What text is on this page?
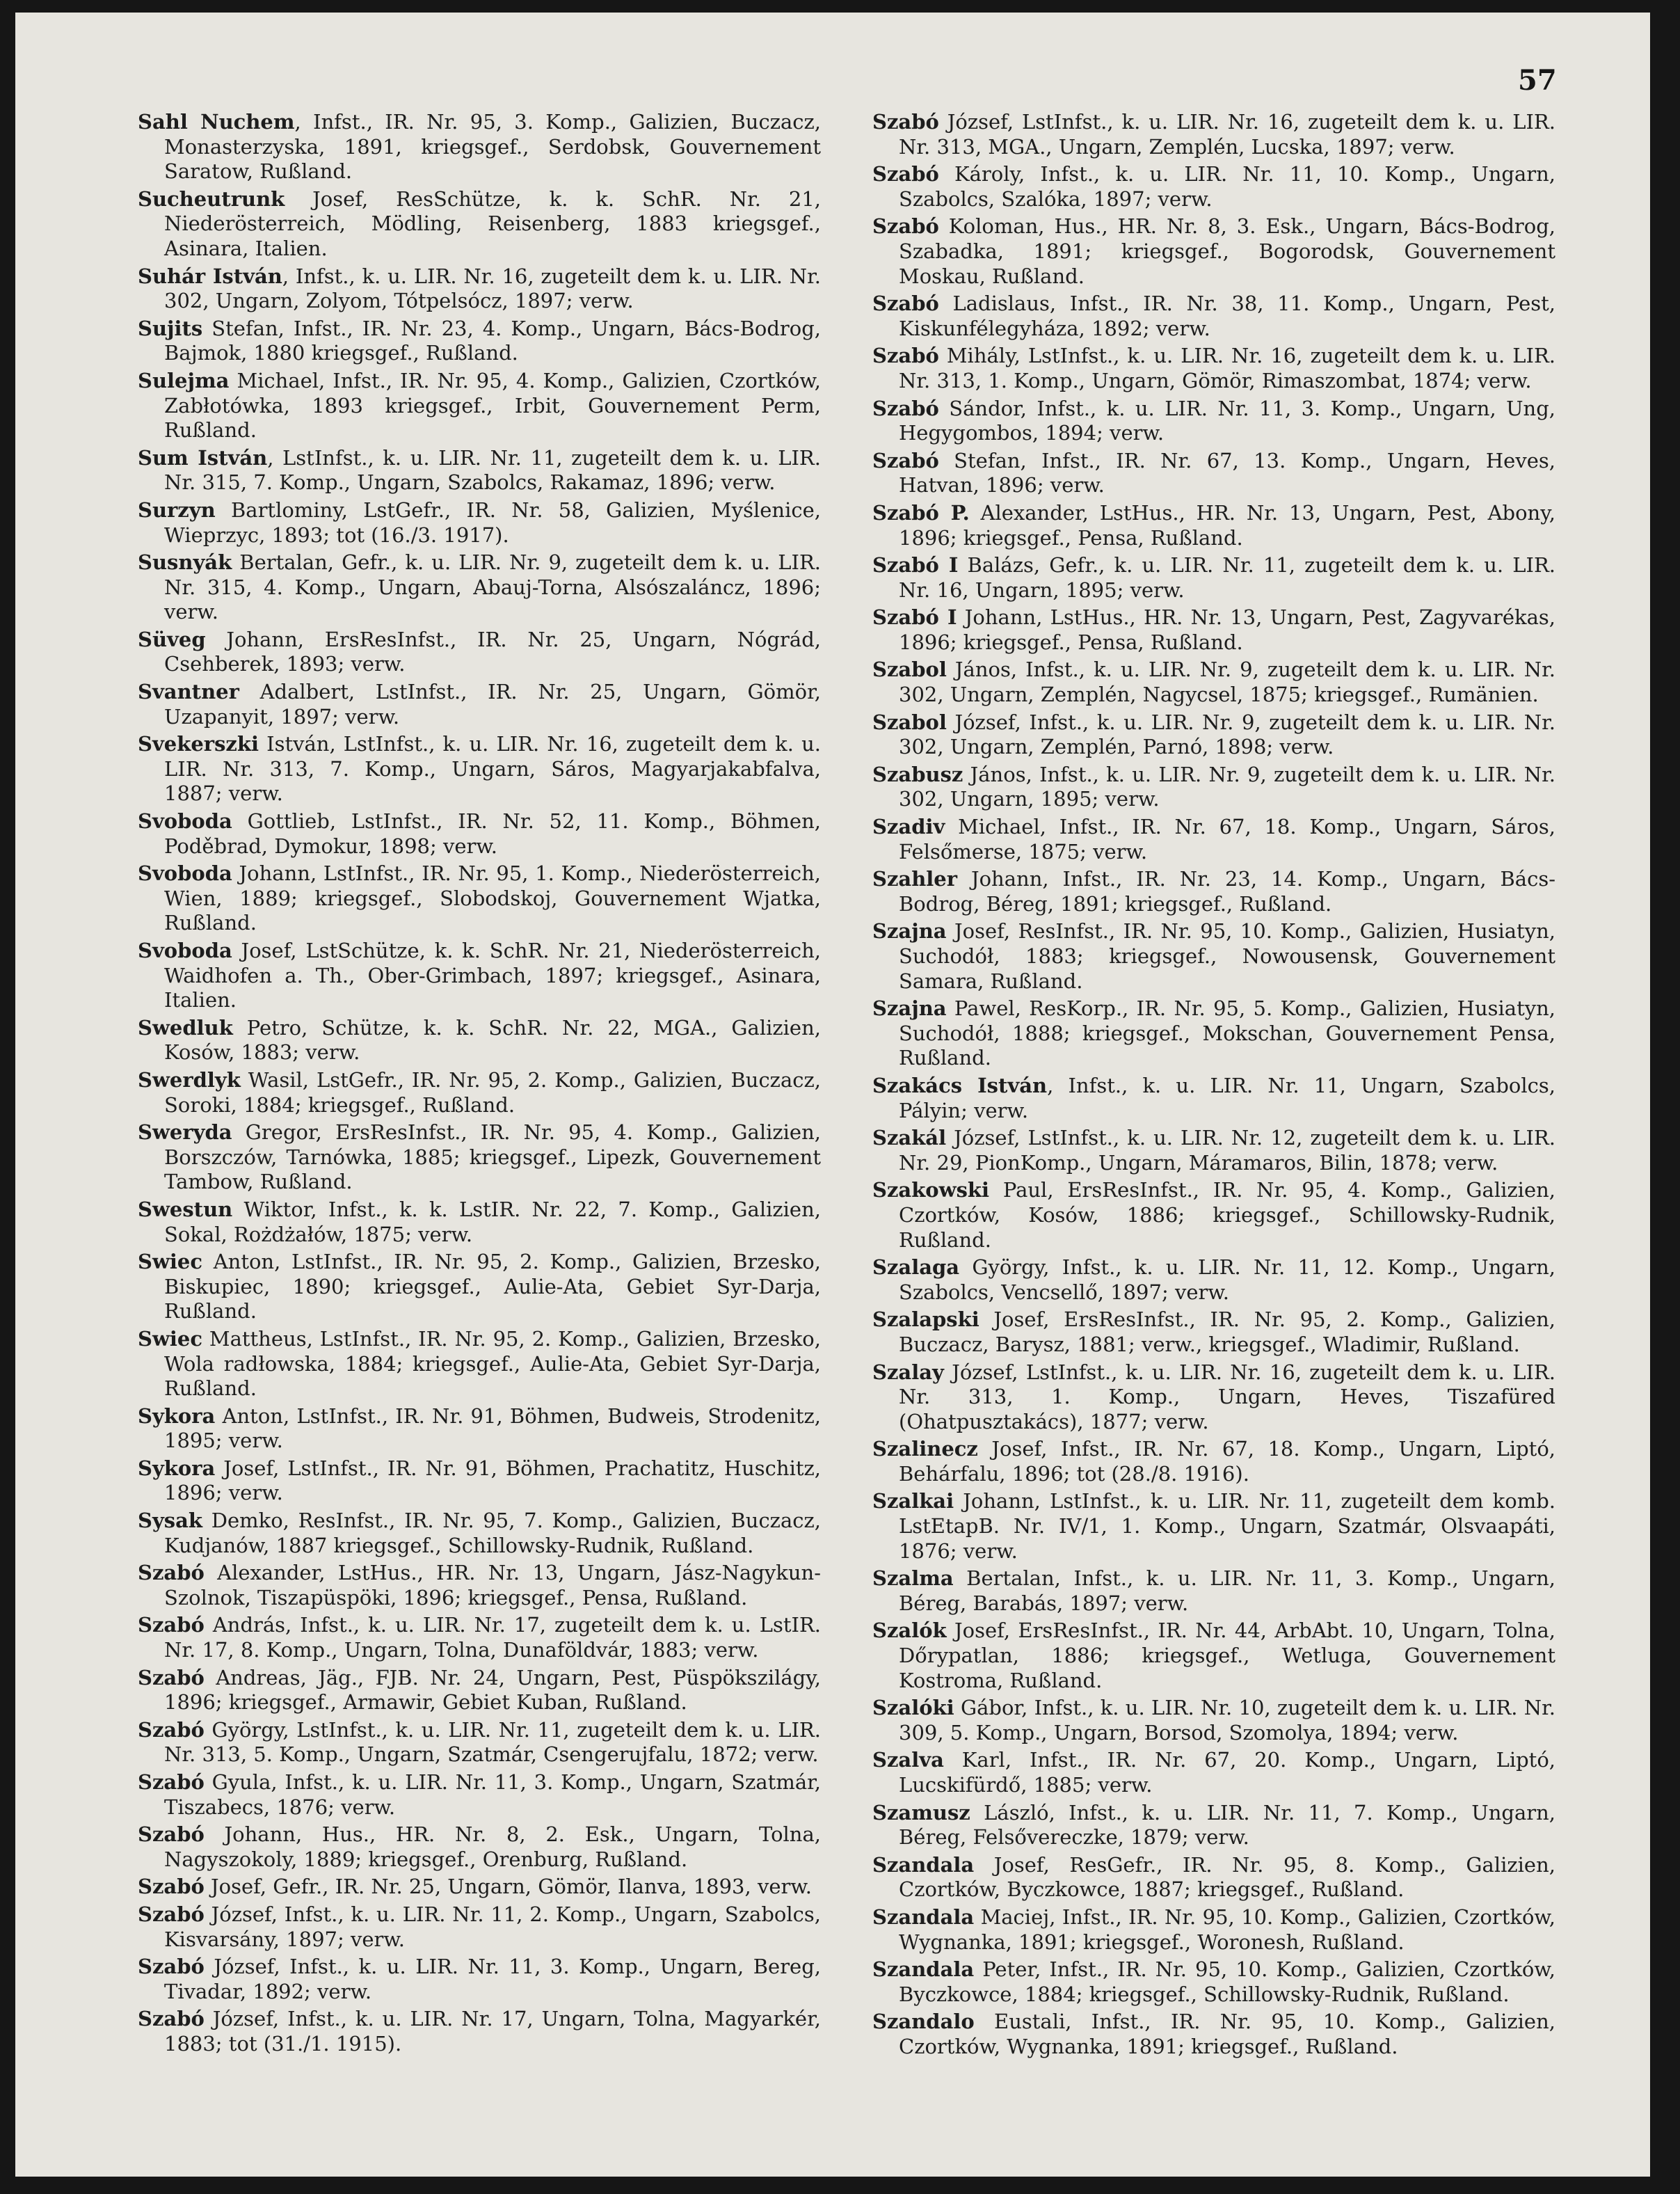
57
Sahl Nuchem, Infst., IR. Nr. 95, 3. Komp., Galizien, Buczacz, Monasterzyska, 1891, kriegsgef., Serdobsk, Gouvernement Saratow, Rußland.
Sucheutrunk Josef, ResSchütze, k. k. SchR. Nr. 21, Niederösterreich, Mödling, Reisenberg, 1883 kriegsgef., Asinara, Italien.
Suhár István, Infst., k. u. LIR. Nr. 16, zugeteilt dem k. u. LIR. Nr. 302, Ungarn, Zolyom, Tótpelsócz, 1897; verw.
Sujits Stefan, Infst., IR. Nr. 23, 4. Komp., Ungarn, Bács-Bodrog, Bajmok, 1880 kriegsgef., Rußland.
Sulejma Michael, Infst., IR. Nr. 95, 4. Komp., Galizien, Czortków, Zabłotówka, 1893 kriegsgef., Irbit, Gouvernement Perm, Rußland.
Sum István, LstInfst., k. u. LIR. Nr. 11, zugeteilt dem k. u. LIR. Nr. 315, 7. Komp., Ungarn, Szabolcs, Rakamaz, 1896; verw.
Surzyn Bartlominy, LstGefr., IR. Nr. 58, Galizien, Myślenice, Wieprzyc, 1893; tot (16./3. 1917).
Susnyák Bertalan, Gefr., k. u. LIR. Nr. 9, zugeteilt dem k. u. LIR. Nr. 315, 4. Komp., Ungarn, Abauj-Torna, Alsószaláncz, 1896; verw.
Süveg Johann, ErsResInfst., IR. Nr. 25, Ungarn, Nógrád, Csehberek, 1893; verw.
Svantner Adalbert, LstInfst., IR. Nr. 25, Ungarn, Gömör, Uzapanyit, 1897; verw.
Svekerszki István, LstInfst., k. u. LIR. Nr. 16, zugeteilt dem k. u. LIR. Nr. 313, 7. Komp., Ungarn, Sáros, Magyarjakabfalva, 1887; verw.
Svoboda Gottlieb, LstInfst., IR. Nr. 52, 11. Komp., Böhmen, Poděbrad, Dymokur, 1898; verw.
Svoboda Johann, LstInfst., IR. Nr. 95, 1. Komp., Niederösterreich, Wien, 1889; kriegsgef., Slobodskoj, Gouvernement Wjatka, Rußland.
Svoboda Josef, LstSchütze, k. k. SchR. Nr. 21, Niederösterreich, Waidhofen a. Th., Ober-Grimbach, 1897; kriegsgef., Asinara, Italien.
Swedluk Petro, Schütze, k. k. SchR. Nr. 22, MGA., Galizien, Kosów, 1883; verw.
Swerdlyk Wasil, LstGefr., IR. Nr. 95, 2. Komp., Galizien, Buczacz, Soroki, 1884; kriegsgef., Rußland.
Sweryda Gregor, ErsResInfst., IR. Nr. 95, 4. Komp., Galizien, Borszczów, Tarnówka, 1885; kriegsgef., Lipezk, Gouvernement Tambow, Rußland.
Swestun Wiktor, Infst., k. k. LstIR. Nr. 22, 7. Komp., Galizien, Sokal, Rożdżałów, 1875; verw.
Swiec Anton, LstInfst., IR. Nr. 95, 2. Komp., Galizien, Brzesko, Biskupiec, 1890; kriegsgef., Aulie-Ata, Gebiet Syr-Darja, Rußland.
Swiec Mattheus, LstInfst., IR. Nr. 95, 2. Komp., Galizien, Brzesko, Wola radłowska, 1884; kriegsgef., Aulie-Ata, Gebiet Syr-Darja, Rußland.
Sykora Anton, LstInfst., IR. Nr. 91, Böhmen, Budweis, Strodenitz, 1895; verw.
Sykora Josef, LstInfst., IR. Nr. 91, Böhmen, Prachatitz, Huschitz, 1896; verw.
Sysak Demko, ResInfst., IR. Nr. 95, 7. Komp., Galizien, Buczacz, Kudjanów, 1887 kriegsgef., Schillowsky-Rudnik, Rußland.
Szabó Alexander, LstHus., HR. Nr. 13, Ungarn, Jász-Nagykun-Szolnok, Tiszapüspöki, 1896; kriegsgef., Pensa, Rußland.
Szabó András, Infst., k. u. LIR. Nr. 17, zugeteilt dem k. u. LstIR. Nr. 17, 8. Komp., Ungarn, Tolna, Dunaföldvár, 1883; verw.
Szabó Andreas, Jäg., FJB. Nr. 24, Ungarn, Pest, Püspökszilágy, 1896; kriegsgef., Armawir, Gebiet Kuban, Rußland.
Szabó György, LstInfst., k. u. LIR. Nr. 11, zugeteilt dem k. u. LIR. Nr. 313, 5. Komp., Ungarn, Szatmár, Csengerujfalu, 1872; verw.
Szabó Gyula, Infst., k. u. LIR. Nr. 11, 3. Komp., Ungarn, Szatmár, Tiszabecs, 1876; verw.
Szabó Johann, Hus., HR. Nr. 8, 2. Esk., Ungarn, Tolna, Nagyszokoly, 1889; kriegsgef., Orenburg, Rußland.
Szabó Josef, Gefr., IR. Nr. 25, Ungarn, Gömör, Ilanva, 1893, verw.
Szabó József, Infst., k. u. LIR. Nr. 11, 2. Komp., Ungarn, Szabolcs, Kisvarsány, 1897; verw.
Szabó József, Infst., k. u. LIR. Nr. 11, 3. Komp., Ungarn, Bereg, Tivadar, 1892; verw.
Szabó József, Infst., k. u. LIR. Nr. 17, Ungarn, Tolna, Magyarkér, 1883; tot (31./1. 1915).
Szabó József, LstInfst., k. u. LIR. Nr. 16, zugeteilt dem k. u. LIR. Nr. 313, MGA., Ungarn, Zemplén, Lucska, 1897; verw.
Szabó Károly, Infst., k. u. LIR. Nr. 11, 10. Komp., Ungarn, Szabolcs, Szalóka, 1897; verw.
Szabó Koloman, Hus., HR. Nr. 8, 3. Esk., Ungarn, Bács-Bodrog, Szabadka, 1891; kriegsgef., Bogorodsk, Gouvernement Moskau, Rußland.
Szabó Ladislaus, Infst., IR. Nr. 38, 11. Komp., Ungarn, Pest, Kiskunfélegyháza, 1892; verw.
Szabó Mihály, LstInfst., k. u. LIR. Nr. 16, zugeteilt dem k. u. LIR. Nr. 313, 1. Komp., Ungarn, Gömör, Rimaszombat, 1874; verw.
Szabó Sándor, Infst., k. u. LIR. Nr. 11, 3. Komp., Ungarn, Ung, Hegygombos, 1894; verw.
Szabó Stefan, Infst., IR. Nr. 67, 13. Komp., Ungarn, Heves, Hatvan, 1896; verw.
Szabó P. Alexander, LstHus., HR. Nr. 13, Ungarn, Pest, Abony, 1896; kriegsgef., Pensa, Rußland.
Szabó I Balázs, Gefr., k. u. LIR. Nr. 11, zugeteilt dem k. u. LIR. Nr. 16, Ungarn, 1895; verw.
Szabó I Johann, LstHus., HR. Nr. 13, Ungarn, Pest, Zagyvarékas, 1896; kriegsgef., Pensa, Rußland.
Szabol János, Infst., k. u. LIR. Nr. 9, zugeteilt dem k. u. LIR. Nr. 302, Ungarn, Zemplén, Nagycsel, 1875; kriegsgef., Rumänien.
Szabol József, Infst., k. u. LIR. Nr. 9, zugeteilt dem k. u. LIR. Nr. 302, Ungarn, Zemplén, Parnó, 1898; verw.
Szabusz János, Infst., k. u. LIR. Nr. 9, zugeteilt dem k. u. LIR. Nr. 302, Ungarn, 1895; verw.
Szadiv Michael, Infst., IR. Nr. 67, 18. Komp., Ungarn, Sáros, Felsőmerse, 1875; verw.
Szahler Johann, Infst., IR. Nr. 23, 14. Komp., Ungarn, Bács-Bodrog, Béreg, 1891; kriegsgef., Rußland.
Szajna Josef, ResInfst., IR. Nr. 95, 10. Komp., Galizien, Husiatyn, Suchodół, 1883; kriegsgef., Nowousensk, Gouvernement Samara, Rußland.
Szajna Pawel, ResKorp., IR. Nr. 95, 5. Komp., Galizien, Husiatyn, Suchodół, 1888; kriegsgef., Mokschan, Gouvernement Pensa, Rußland.
Szakács István, Infst., k. u. LIR. Nr. 11, Ungarn, Szabolcs, Pályin; verw.
Szakál József, LstInfst., k. u. LIR. Nr. 12, zugeteilt dem k. u. LIR. Nr. 29, PionKomp., Ungarn, Máramaros, Bilin, 1878; verw.
Szakowski Paul, ErsResInfst., IR. Nr. 95, 4. Komp., Galizien, Czortków, Kosów, 1886; kriegsgef., Schillowsky-Rudnik, Rußland.
Szalaga György, Infst., k. u. LIR. Nr. 11, 12. Komp., Ungarn, Szabolcs, Vencsellő, 1897; verw.
Szalapski Josef, ErsResInfst., IR. Nr. 95, 2. Komp., Galizien, Buczacz, Barysz, 1881; verw., kriegsgef., Wladimir, Rußland.
Szalay József, LstInfst., k. u. LIR. Nr. 16, zugeteilt dem k. u. LIR. Nr. 313, 1. Komp., Ungarn, Heves, Tiszafüred (Ohatpusztakács), 1877; verw.
Szalinecz Josef, Infst., IR. Nr. 67, 18. Komp., Ungarn, Liptó, Behárfalu, 1896; tot (28./8. 1916).
Szalkai Johann, LstInfst., k. u. LIR. Nr. 11, zugeteilt dem komb. LstEtapB. Nr. IV/1, 1. Komp., Ungarn, Szatmár, Olsvaapáti, 1876; verw.
Szalma Bertalan, Infst., k. u. LIR. Nr. 11, 3. Komp., Ungarn, Béreg, Barabás, 1897; verw.
Szalók Josef, ErsResInfst., IR. Nr. 44, ArbAbt. 10, Ungarn, Tolna, Dőrypatlan, 1886; kriegsgef., Wetluga, Gouvernement Kostroma, Rußland.
Szalóki Gábor, Infst., k. u. LIR. Nr. 10, zugeteilt dem k. u. LIR. Nr. 309, 5. Komp., Ungarn, Borsod, Szomolya, 1894; verw.
Szalva Karl, Infst., IR. Nr. 67, 20. Komp., Ungarn, Liptó, Lucskifürdő, 1885; verw.
Szamusz László, Infst., k. u. LIR. Nr. 11, 7. Komp., Ungarn, Béreg, Felsővereczke, 1879; verw.
Szandala Josef, ResGefr., IR. Nr. 95, 8. Komp., Galizien, Czortków, Byczkowce, 1887; kriegsgef., Rußland.
Szandala Maciej, Infst., IR. Nr. 95, 10. Komp., Galizien, Czortków, Wygnanka, 1891; kriegsgef., Woronesh, Rußland.
Szandala Peter, Infst., IR. Nr. 95, 10. Komp., Galizien, Czortków, Byczkowce, 1884; kriegsgef., Schillowsky-Rudnik, Rußland.
Szandalo Eustali, Infst., IR. Nr. 95, 10. Komp., Galizien, Czortków, Wygnanka, 1891; kriegsgef., Rußland.
